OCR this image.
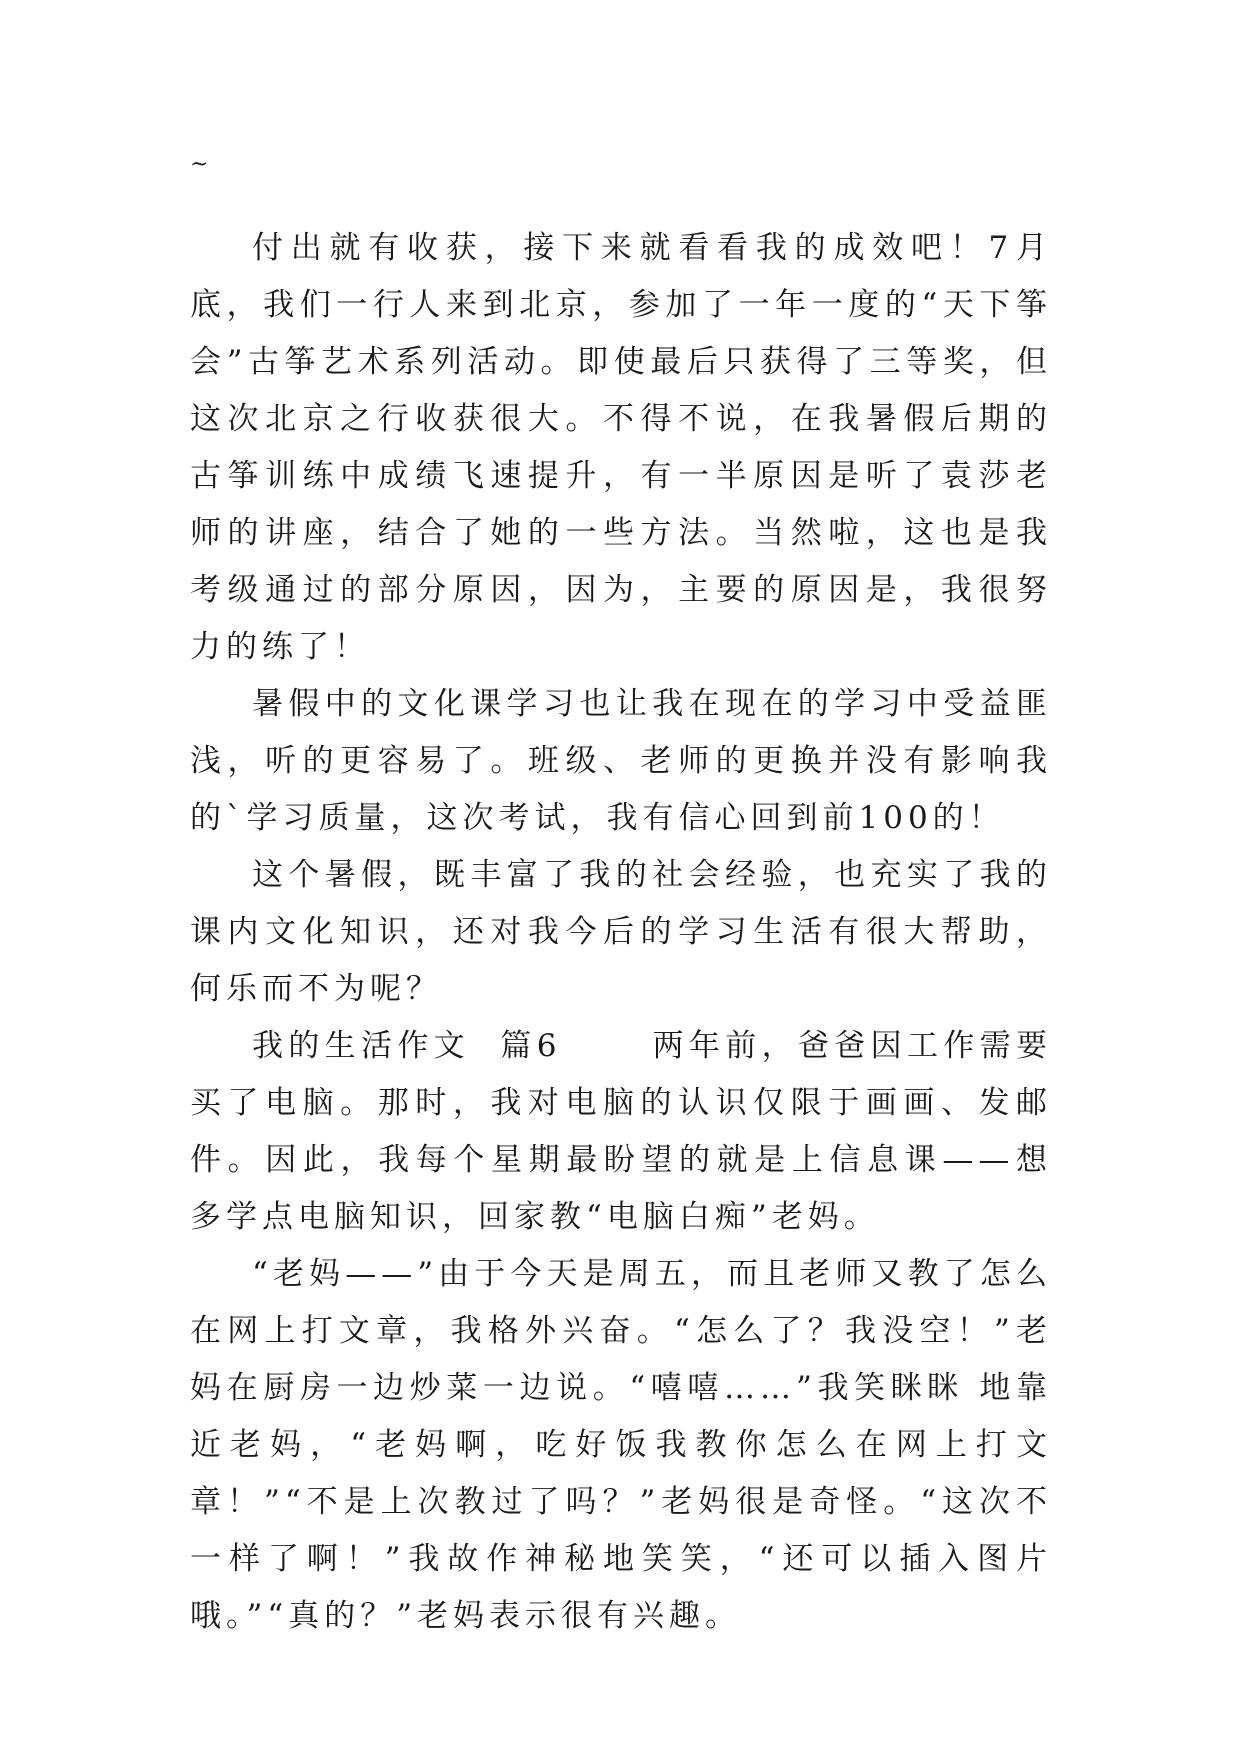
~

付出就有收获，接下来就看看我的成效吧！7月底，我们一行人来到北京，参加了一年一度的“天下筝会”古筝艺术系列活动。即使最后只获得了三等奖，但这次北京之行收获很大。不得不说，在我暑假后期的古筝训练中成绩飞速提升，有一半原因是听了袁莎老师的讲座，结合了她的一些方法。当然啦，这也是我考级通过的部分原因，因为，主要的原因是，我很努力的练了！

暑假中的文化课学习也让我在现在的学习中受益匪浅，听的更容易了。班级、老师的更换并没有影响我的`学习质量，这次考试，我有信心回到前100的！

这个暑假，既丰富了我的社会经验，也充实了我的课内文化知识，还对我今后的学习生活有很大帮助，何乐而不为呢？

我的生活作文  篇6      两年前，爸爸因工作需要买了电脑。那时，我对电脑的认识仅限于画画、发邮件。因此，我每个星期最盼望的就是上信息课——想多学点电脑知识，回家教“电脑白痴”老妈。

“老妈——”由于今天是周五，而且老师又教了怎么在网上打文章，我格外兴奋。“怎么了？我没空！”老妈在厨房一边炒菜一边说。“嘻嘻……”我笑眯眯 地靠近老妈，“老妈啊，吃好饭我教你怎么在网上打文章！”“不是上次教过了吗？”老妈很是奇怪。“这次不一样了啊！”我故作神秘地笑笑，“还可以插入图片 哦。”“真的？”老妈表示很有兴趣。
